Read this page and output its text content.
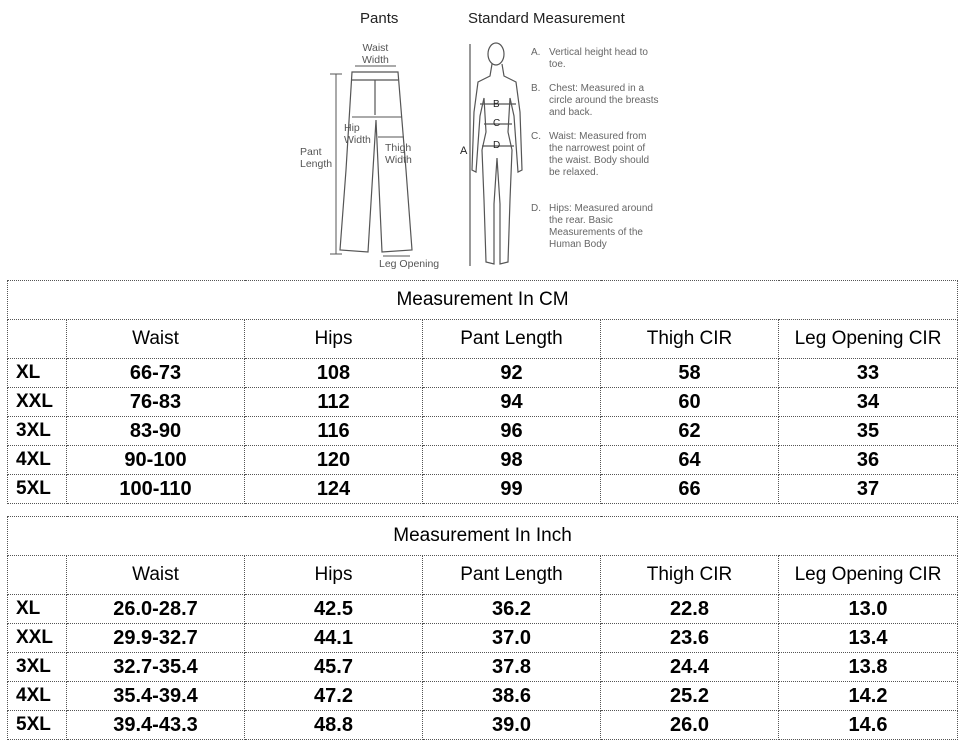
Pants	Standard Measurement
Waist
Width
Hip
Width
Thigh
Width
Pant
Length
Leg Opening
A
B
C
D
A. Vertical height head to toe.
B. Chest: Measured in a circle around the breasts and back.
C. Waist: Measured from the narrowest point of the waist. Body should be relaxed.
D. Hips: Measured around the rear. Basic Measurements of the Human Body
Measurement In CM					
	Waist	Hips	Pant Length	Thigh CIR	Leg Opening CIR
XL	66-73	108	92	58	33
XXL	76-83	112	94	60	34
3XL	83-90	116	96	62	35
4XL	90-100	120	98	64	36
5XL	100-110	124	99	66	37
Measurement In Inch					
	Waist	Hips	Pant Length	Thigh CIR	Leg Opening CIR
XL	26.0-28.7	42.5	36.2	22.8	13.0
XXL	29.9-32.7	44.1	37.0	23.6	13.4
3XL	32.7-35.4	45.7	37.8	24.4	13.8
4XL	35.4-39.4	47.2	38.6	25.2	14.2
5XL	39.4-43.3	48.8	39.0	26.0	14.6
